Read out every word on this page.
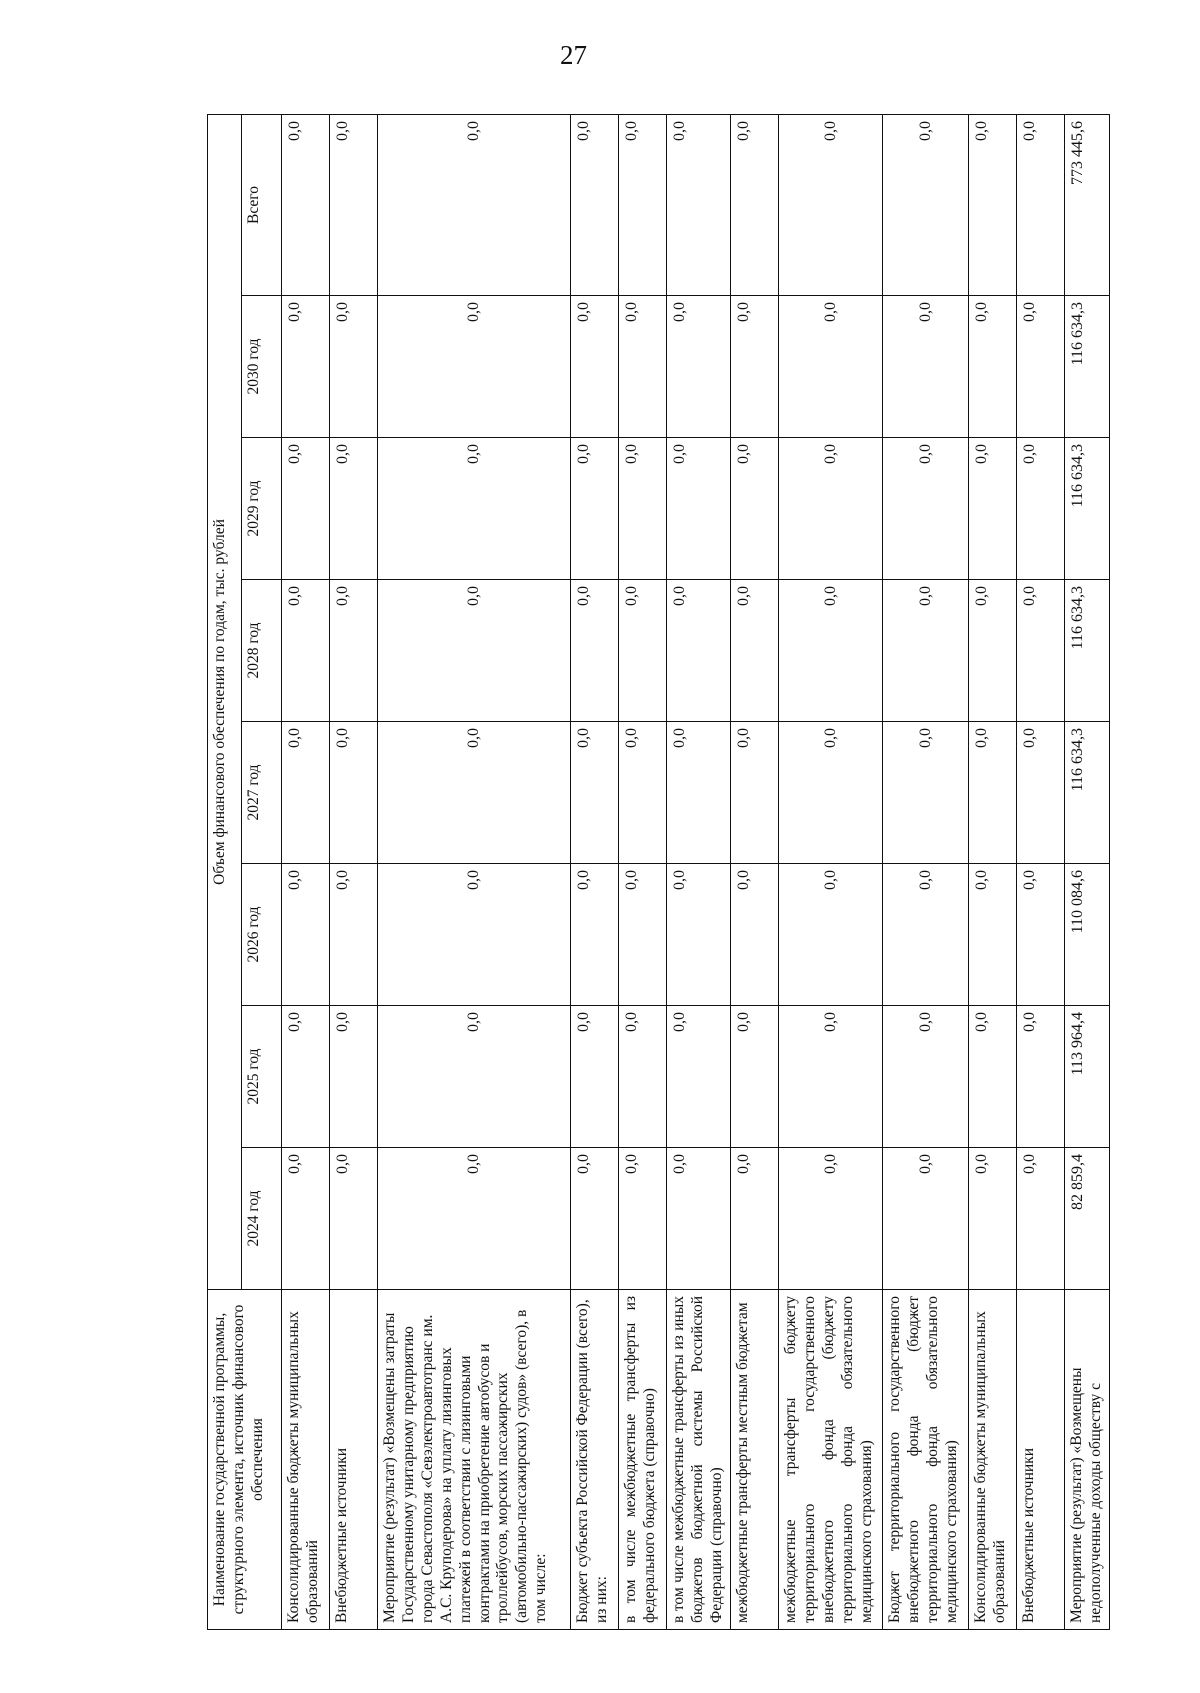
27
Наименование государственной программы, структурного элемента, источник финансового обеспечения	Объем финансового обеспечения по годам, тыс. рублей							
	2024 год	2025 год	2026 год	2027 год	2028 год	2029 год	2030 год	Всего
Консолидированные бюджеты муниципальных образований	0,0	0,0	0,0	0,0	0,0	0,0	0,0	0,0
Внебюджетные источники	0,0	0,0	0,0	0,0	0,0	0,0	0,0	0,0
Мероприятие (результат) «Возмещены затраты Государственному унитарному предприятию города Севастополя «Севэлектроавтотранс им. А.С. Круподерова» на уплату лизинговых платежей в соответствии с лизинговыми контрактами на приобретение автобусов и троллейбусов, морских пассажирских (автомобильно-пассажирских) судов» (всего), в том числе:	0,0	0,0	0,0	0,0	0,0	0,0	0,0	0,0
Бюджет субъекта Российской Федерации (всего), из них:	0,0	0,0	0,0	0,0	0,0	0,0	0,0	0,0
в том числе межбюджетные трансферты из федерального бюджета (справочно)	0,0	0,0	0,0	0,0	0,0	0,0	0,0	0,0
в том числе межбюджетные трансферты из иных бюджетов бюджетной системы Российской Федерации (справочно)	0,0	0,0	0,0	0,0	0,0	0,0	0,0	0,0
межбюджетные трансферты местным бюджетам	0,0	0,0	0,0	0,0	0,0	0,0	0,0	0,0
межбюджетные трансферты бюджету территориального государственного внебюджетного фонда (бюджету территориального фонда обязательного медицинского страхования)	0,0	0,0	0,0	0,0	0,0	0,0	0,0	0,0
Бюджет территориального государственного внебюджетного фонда (бюджет территориального фонда обязательного медицинского страхования)	0,0	0,0	0,0	0,0	0,0	0,0	0,0	0,0
Консолидированные бюджеты муниципальных образований	0,0	0,0	0,0	0,0	0,0	0,0	0,0	0,0
Внебюджетные источники	0,0	0,0	0,0	0,0	0,0	0,0	0,0	0,0
Мероприятие (результат) «Возмещены недополученные доходы обществу с	82 859,4	113 964,4	110 084,6	116 634,3	116 634,3	116 634,3	116 634,3	773 445,6
